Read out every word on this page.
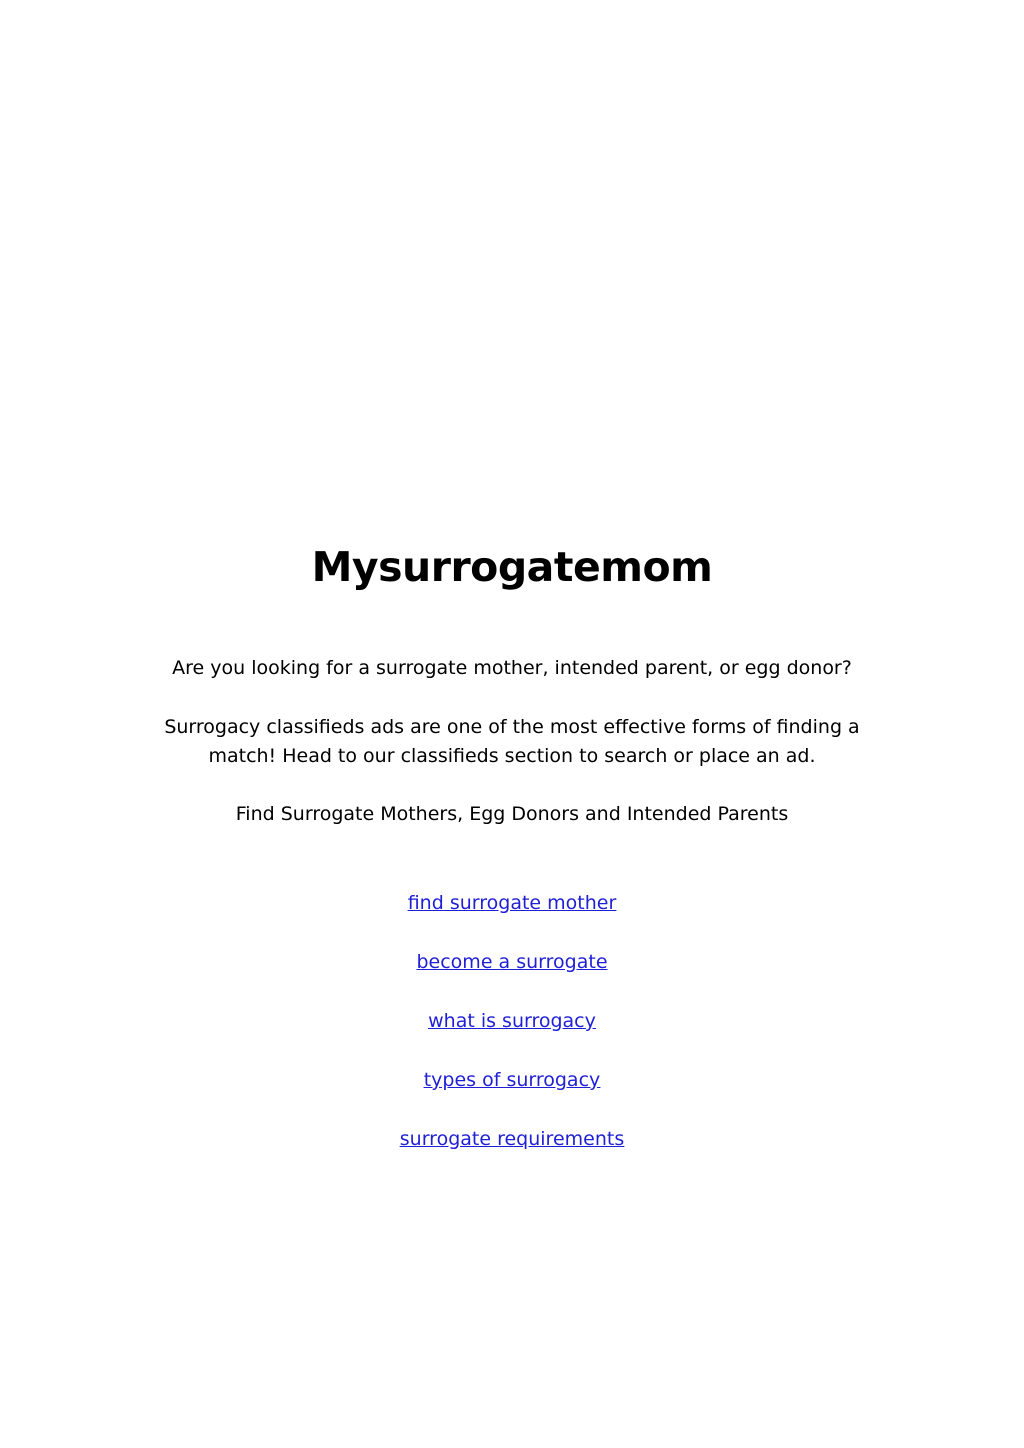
Mysurrogatemom
Are you looking for a surrogate mother, intended parent, or egg donor?
Surrogacy classifieds ads are one of the most effective forms of finding a match! Head to our classifieds section to search or place an ad.
Find Surrogate Mothers, Egg Donors and Intended Parents
find surrogate mother
become a surrogate
what is surrogacy
types of surrogacy
surrogate requirements
